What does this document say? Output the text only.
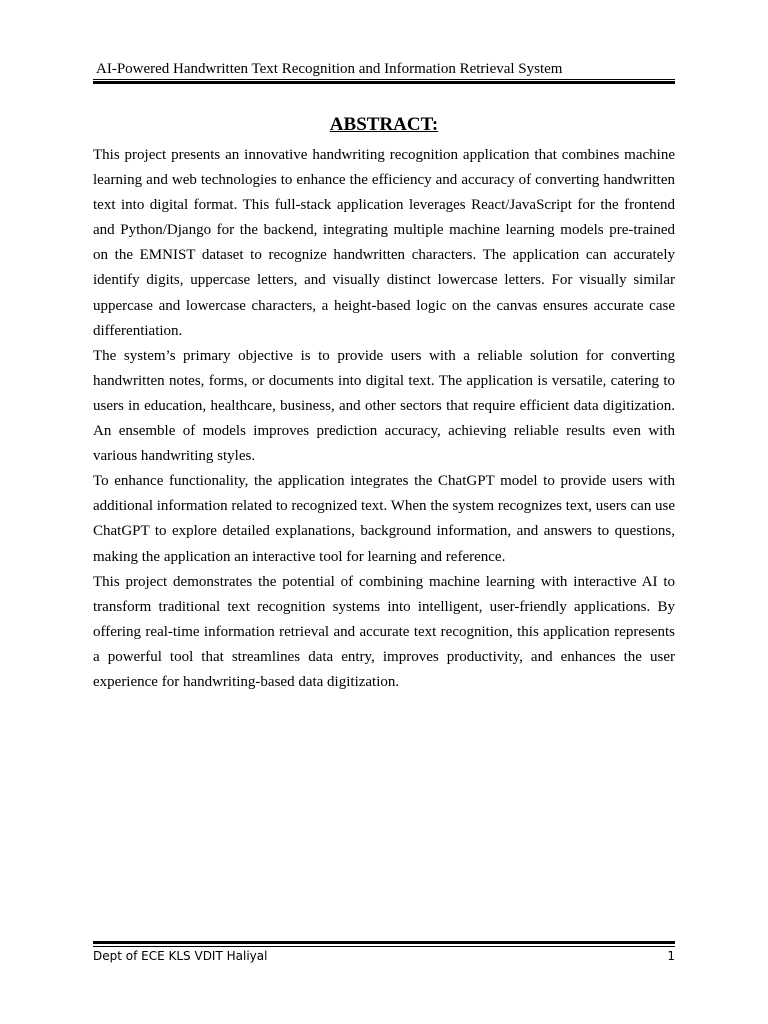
AI-Powered Handwritten Text Recognition and Information Retrieval System
ABSTRACT:

This project presents an innovative handwriting recognition application that combines machine learning and web technologies to enhance the efficiency and accuracy of converting handwritten text into digital format. This full-stack application leverages React/JavaScript for the frontend and Python/Django for the backend, integrating multiple machine learning models pre-trained on the EMNIST dataset to recognize handwritten characters. The application can accurately identify digits, uppercase letters, and visually distinct lowercase letters. For visually similar uppercase and lowercase characters, a height-based logic on the canvas ensures accurate case differentiation.

The system’s primary objective is to provide users with a reliable solution for converting handwritten notes, forms, or documents into digital text. The application is versatile, catering to users in education, healthcare, business, and other sectors that require efficient data digitization. An ensemble of models improves prediction accuracy, achieving reliable results even with various handwriting styles.

To enhance functionality, the application integrates the ChatGPT model to provide users with additional information related to recognized text. When the system recognizes text, users can use ChatGPT to explore detailed explanations, background information, and answers to questions, making the application an interactive tool for learning and reference.

This project demonstrates the potential of combining machine learning with interactive AI to transform traditional text recognition systems into intelligent, user-friendly applications. By offering real-time information retrieval and accurate text recognition, this application represents a powerful tool that streamlines data entry, improves productivity, and enhances the user experience for handwriting-based data digitization.

Dept of ECE KLS VDIT Haliyal	1
